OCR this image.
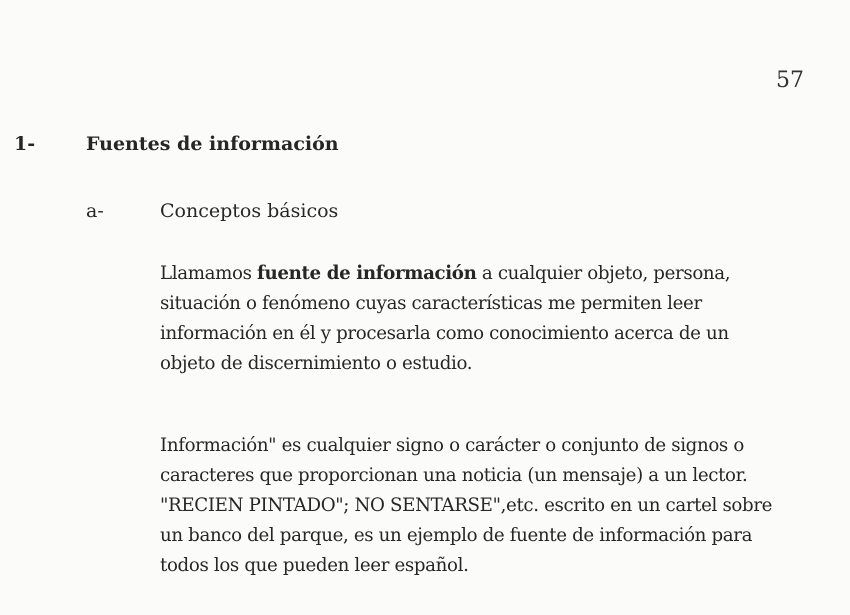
57
1-	Fuentes de información
a-	Conceptos básicos

Llamamos fuente de información a cualquier objeto, persona,
situación o fenómeno cuyas características me permiten leer
información en él y procesarla como conocimiento acerca de un
objeto de discernimiento o estudio.

Información" es cualquier signo o carácter o conjunto de signos o
caracteres que proporcionan una noticia (un mensaje) a un lector.
"RECIEN PINTADO"; NO SENTARSE",etc. escrito en un cartel sobre
un banco del parque, es un ejemplo de fuente de información para
todos los que pueden leer español.
